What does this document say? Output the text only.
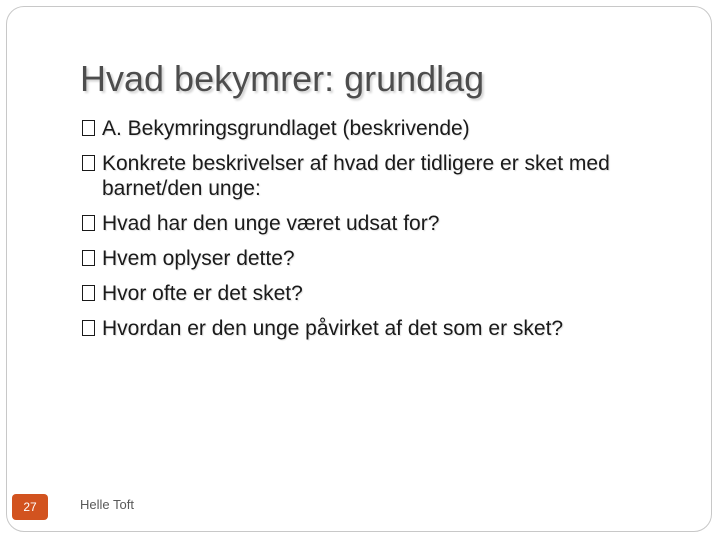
Hvad bekymrer: grundlag
A. Bekymringsgrundlaget (beskrivende)
Konkrete beskrivelser af hvad der tidligere er sket med barnet/den unge:
Hvad har den unge været udsat for?
Hvem oplyser dette?
Hvor ofte er det sket?
Hvordan er den unge påvirket af det som er sket?
27	Helle Toft
